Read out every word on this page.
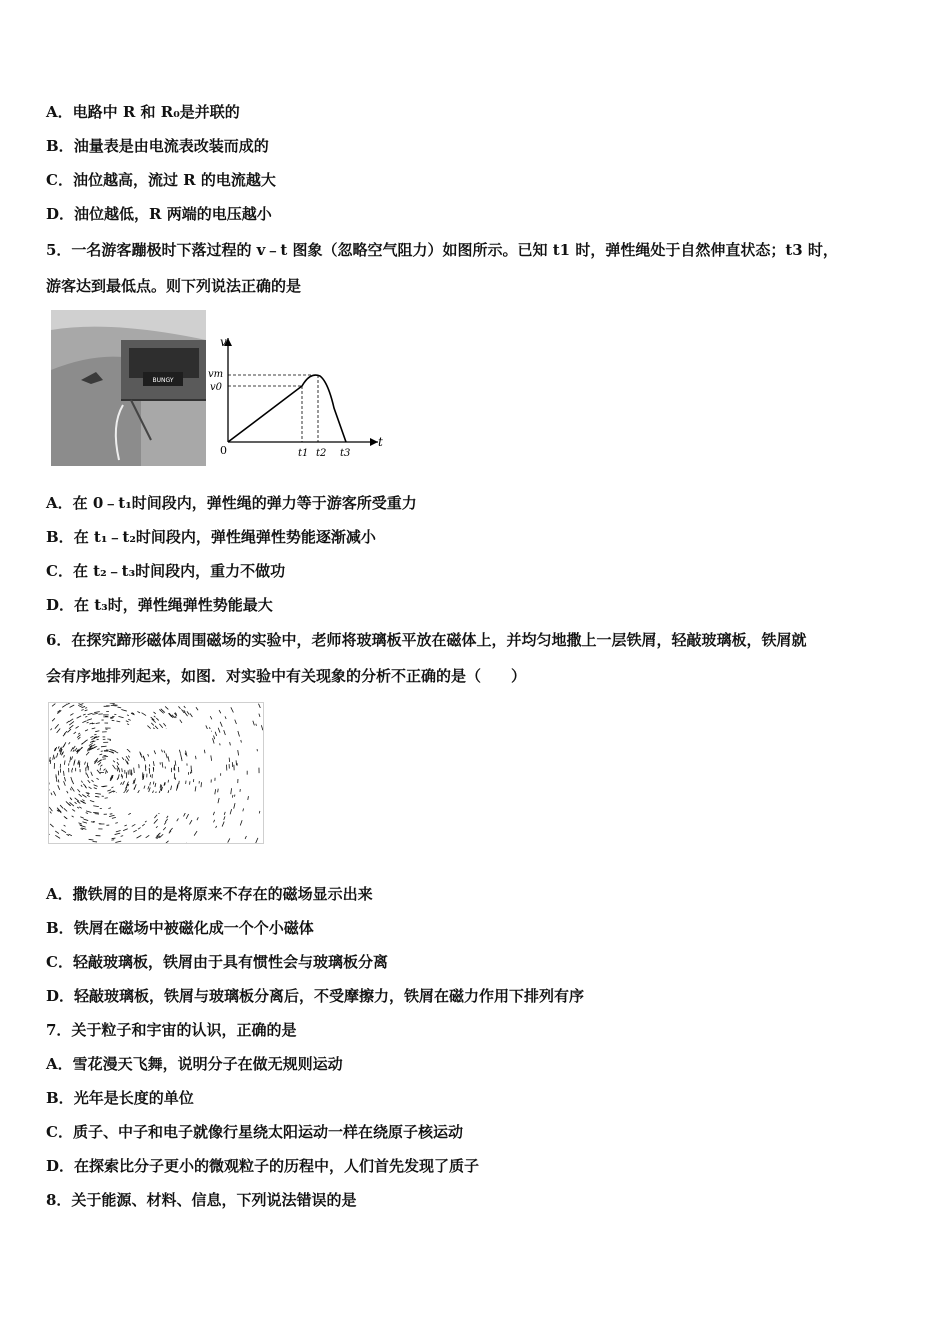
A．电路中 R 和 R₀是并联的
B．油量表是由电流表改装而成的
C．油位越高，流过 R 的电流越大
D．油位越低，R 两端的电压越小
5．一名游客蹦极时下落过程的 v﹣t 图象（忽略空气阻力）如图所示。已知 t1 时，弹性绳处于自然伸直状态；t3 时，
游客达到最低点。则下列说法正确的是
BUNGY
v
t
0
vm
v0
t1 t2 t3
A．在 0﹣t₁时间段内，弹性绳的弹力等于游客所受重力
B．在 t₁﹣t₂时间段内，弹性绳弹性势能逐渐减小
C．在 t₂﹣t₃时间段内，重力不做功
D．在 t₃时，弹性绳弹性势能最大
6．在探究蹄形磁体周围磁场的实验中，老师将玻璃板平放在磁体上，并均匀地撒上一层铁屑，轻敲玻璃板，铁屑就
会有序地排列起来，如图．对实验中有关现象的分析不正确的是（　　）
A．撒铁屑的目的是将原来不存在的磁场显示出来
B．铁屑在磁场中被磁化成一个个小磁体
C．轻敲玻璃板，铁屑由于具有惯性会与玻璃板分离
D．轻敲玻璃板，铁屑与玻璃板分离后，不受摩擦力，铁屑在磁力作用下排列有序
7．关于粒子和宇宙的认识，正确的是
A．雪花漫天飞舞，说明分子在做无规则运动
B．光年是长度的单位
C．质子、中子和电子就像行星绕太阳运动一样在绕原子核运动
D．在探索比分子更小的微观粒子的历程中，人们首先发现了质子
8．关于能源、材料、信息，下列说法错误的是
